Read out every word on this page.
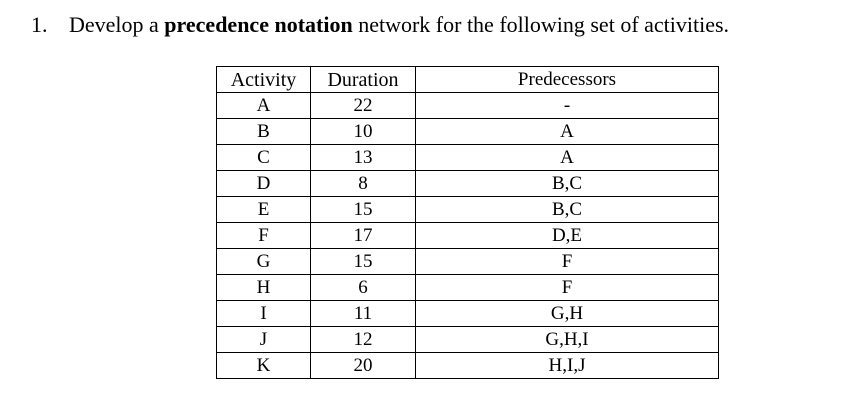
1. Develop a precedence notation network for the following set of activities.
Activity	Duration	Predecessors
A	22	-
B	10	A
C	13	A
D	8	B,C
E	15	B,C
F	17	D,E
G	15	F
H	6	F
I	11	G,H
J	12	G,H,I
K	20	H,I,J
